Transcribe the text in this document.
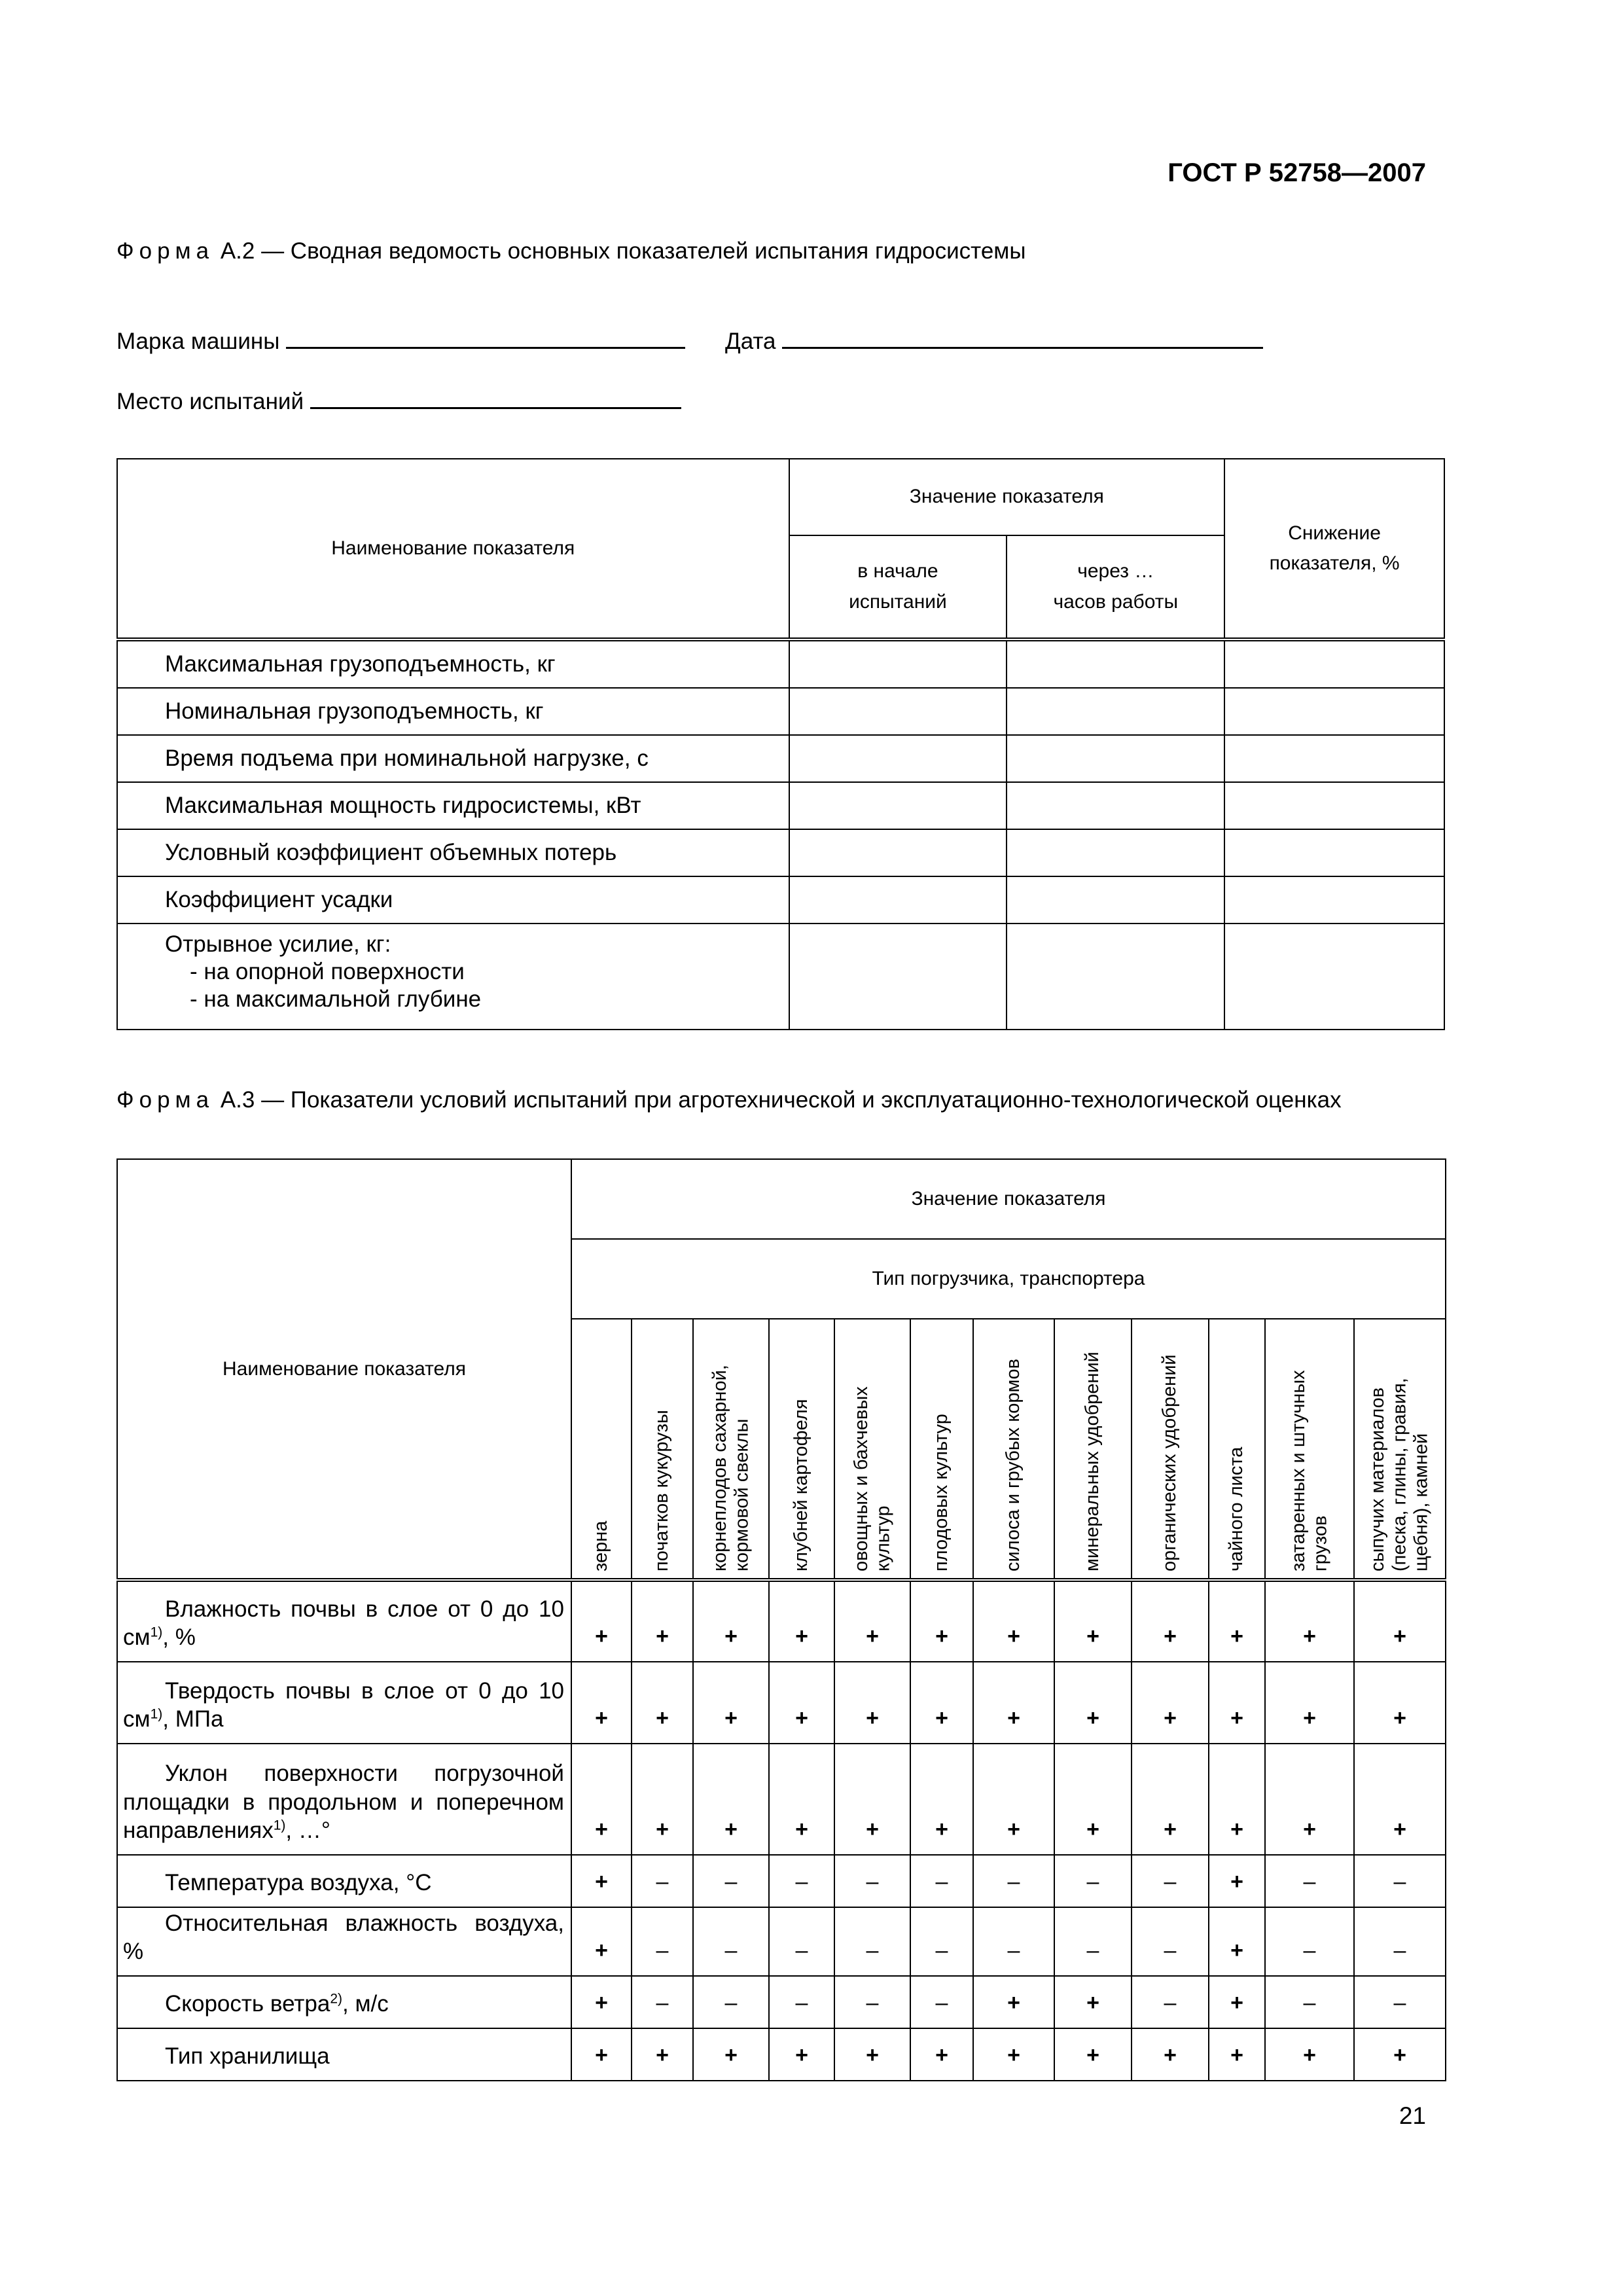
ГОСТ Р 52758—2007
Форма А.2 — Сводная ведомость основных показателей испытания гидросистемы
Марка машины	Дата
Место испытаний
Наименование показателя	Значение показателя		Снижение показателя, %
	в начале испытаний	через … часов работы	
Максимальная грузоподъемность, кг			
Номинальная грузоподъемность, кг			
Время подъема при номинальной нагрузке, с			
Максимальная мощность гидросистемы, кВт			
Условный коэффициент объемных потерь			
Коэффициент усадки			
Отрывное усилие, кг:
- на опорной поверхности
- на максимальной глубине			

Форма А.3 — Показатели условий испытаний при агротехнической и эксплуатационно-технологической оценках
Наименование показателя	Значение показателя											
	Тип погрузчика, транспортера											
	зерна	початков кукурузы	корнеплодов сахарной, кормовой свеклы	клубней картофеля	овощных и бахчевых культур	плодовых культур	силоса и грубых кормов	минеральных удобрений	органических удобрений	чайного листа	затаренных и штучных грузов	сыпучих материалов (песка, глины, гравия, щебня), камней
Влажность почвы в слое от 0 до 10 $см^{1)}$, %	+	+	+	+	+	+	+	+	+	+	+	+
Твердость почвы в слое от 0 до 10 $см^{1)}$, МПа	+	+	+	+	+	+	+	+	+	+	+	+
Уклон поверхности погрузочной площадки в продольном и поперечном направлениях$^{1)}$, …°	+	+	+	+	+	+	+	+	+	+	+	+
Температура воздуха, °С	+	–	–	–	–	–	–	–	–	+	–	–
Относительная влажность воздуха, %	+	–	–	–	–	–	–	–	–	+	–	–
Скорость ветра$^{2)}$, м/с	+	–	–	–	–	–	+	+	–	+	–	–
Тип хранилища	+	+	+	+	+	+	+	+	+	+	+	+
21
